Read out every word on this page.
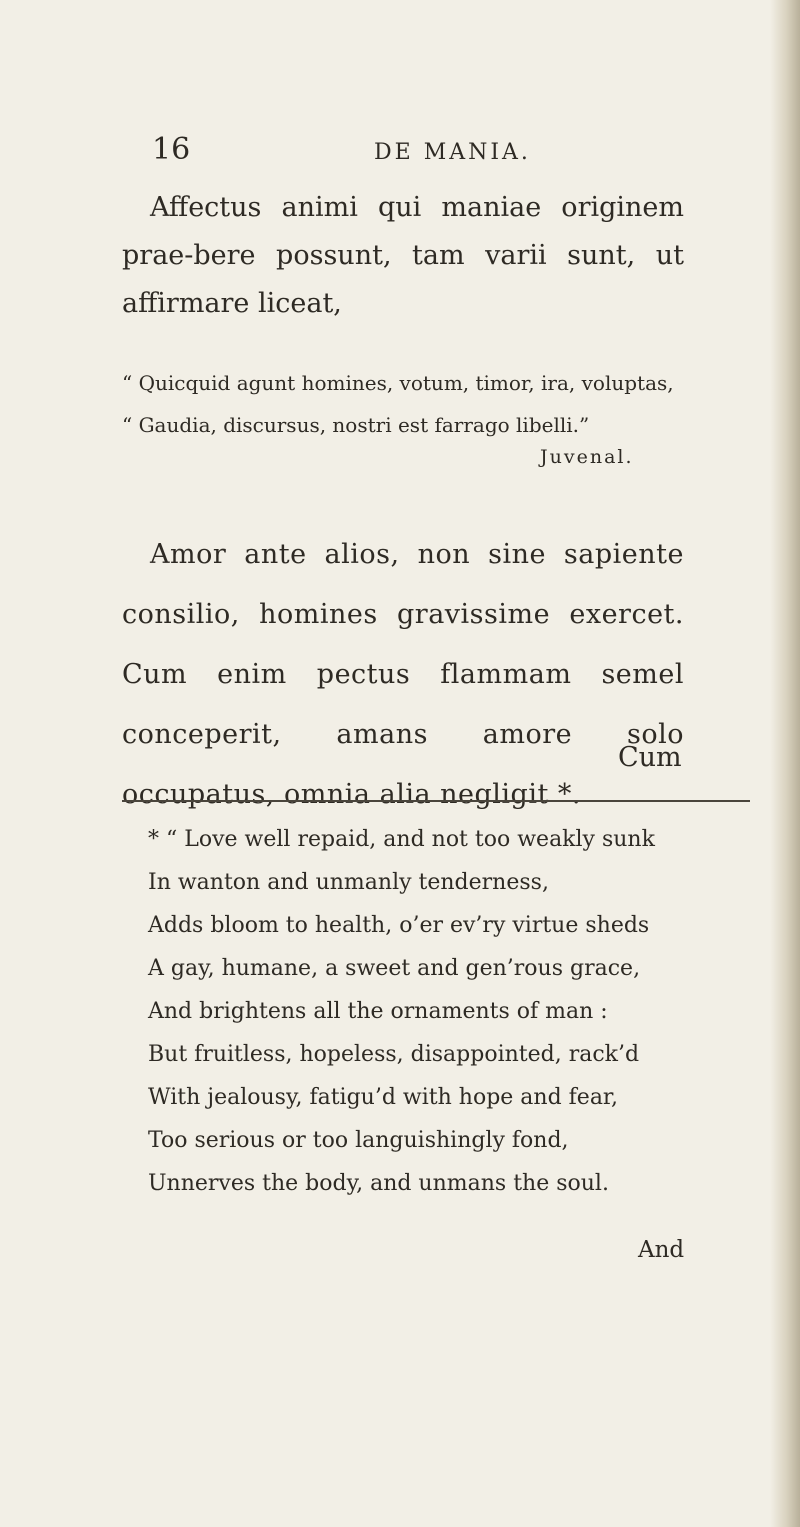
16	DE MANIA.

Affectus animi qui maniae originem prae-bere possunt, tam varii sunt, ut affirmare liceat,

“ Quicquid agunt homines, votum, timor, ira, voluptas,
“ Gaudia, discursus, nostri est farrago libelli.”
Juvenal.

Amor ante alios, non sine sapiente consilio, homines gravissime exercet. Cum enim pectus flammam semel conceperit, amans amore solo occupatus, omnia alia negligit *.

Cum
* “ Love well repaid, and not too weakly sunk
In wanton and unmanly tenderness,
Adds bloom to health, o’er ev’ry virtue sheds
A gay, humane, a sweet and gen’rous grace,
And brightens all the ornaments of man :
But fruitless, hopeless, disappointed, rack’d
With jealousy, fatigu’d with hope and fear,
Too serious or too languishingly fond,
Unnerves the body, and unmans the soul.
And
